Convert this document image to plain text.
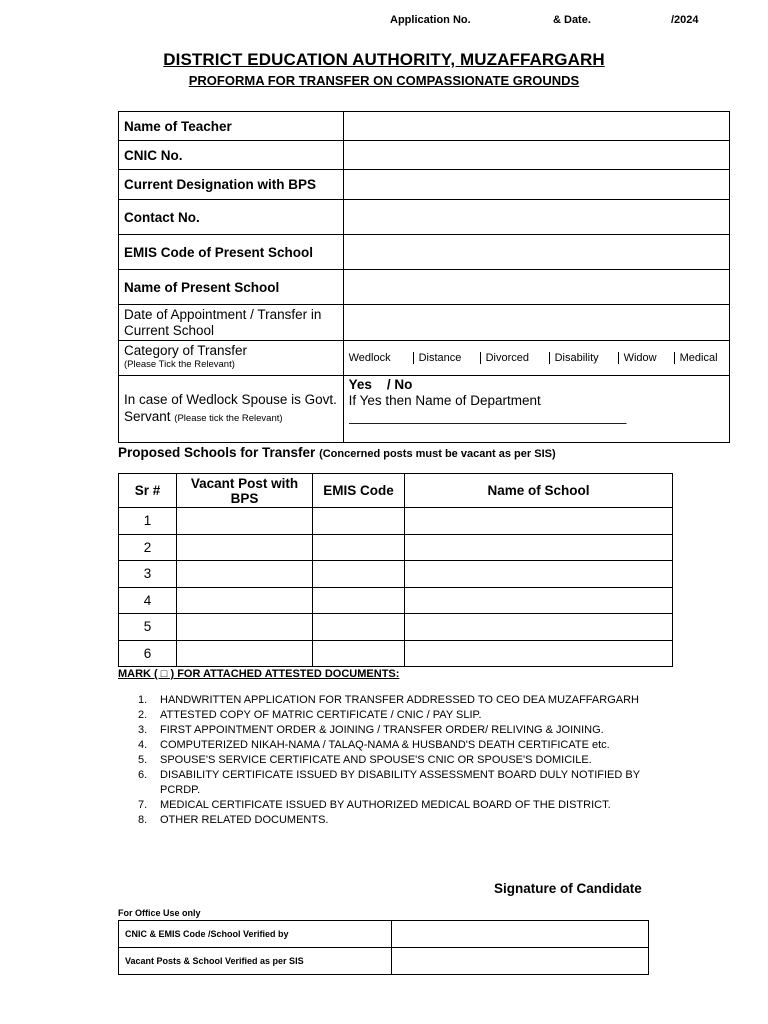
Application No.	& Date.	/2024
DISTRICT EDUCATION AUTHORITY, MUZAFFARGARH
PROFORMA FOR TRANSFER ON COMPASSIONATE GROUNDS
Name of Teacher	
CNIC No.	
Current Designation with BPS	
Contact No.	
EMIS Code of Present School	
Name of Present School	
Date of Appointment / Transfer in Current School	

Category of Transfer
(Please Tick the Relevant)

Wedlock	Distance	Divorced	Disability	Widow	Medical

In case of Wedlock Spouse is Govt. Servant (Please tick the Relevant)	
Yes / No
If Yes then Name of Department
_____________________________________
Proposed Schools for Transfer (Concerned posts must be vacant as per SIS)
Sr #	Vacant Post with BPS	EMIS Code	Name of School
1			
2			
3			
4			
5			
6			
MARK ( □ ) FOR ATTACHED ATTESTED DOCUMENTS:
1. HANDWRITTEN APPLICATION FOR TRANSFER ADDRESSED TO CEO DEA MUZAFFARGARH
2. ATTESTED COPY OF MATRIC CERTIFICATE / CNIC / PAY SLIP.
3. FIRST APPOINTMENT ORDER & JOINING / TRANSFER ORDER/ RELIVING & JOINING.
4. COMPUTERIZED NIKAH-NAMA / TALAQ-NAMA & HUSBAND'S DEATH CERTIFICATE etc.
5. SPOUSE'S SERVICE CERTIFICATE AND SPOUSE'S CNIC OR SPOUSE'S DOMICILE.
6. DISABILITY CERTIFICATE ISSUED BY DISABILITY ASSESSMENT BOARD DULY NOTIFIED BY PCRDP.
7. MEDICAL CERTIFICATE ISSUED BY AUTHORIZED MEDICAL BOARD OF THE DISTRICT.
8. OTHER RELATED DOCUMENTS.
Signature of Candidate
For Office Use only
CNIC & EMIS Code /School Verified by	
Vacant Posts & School Verified as per SIS	
